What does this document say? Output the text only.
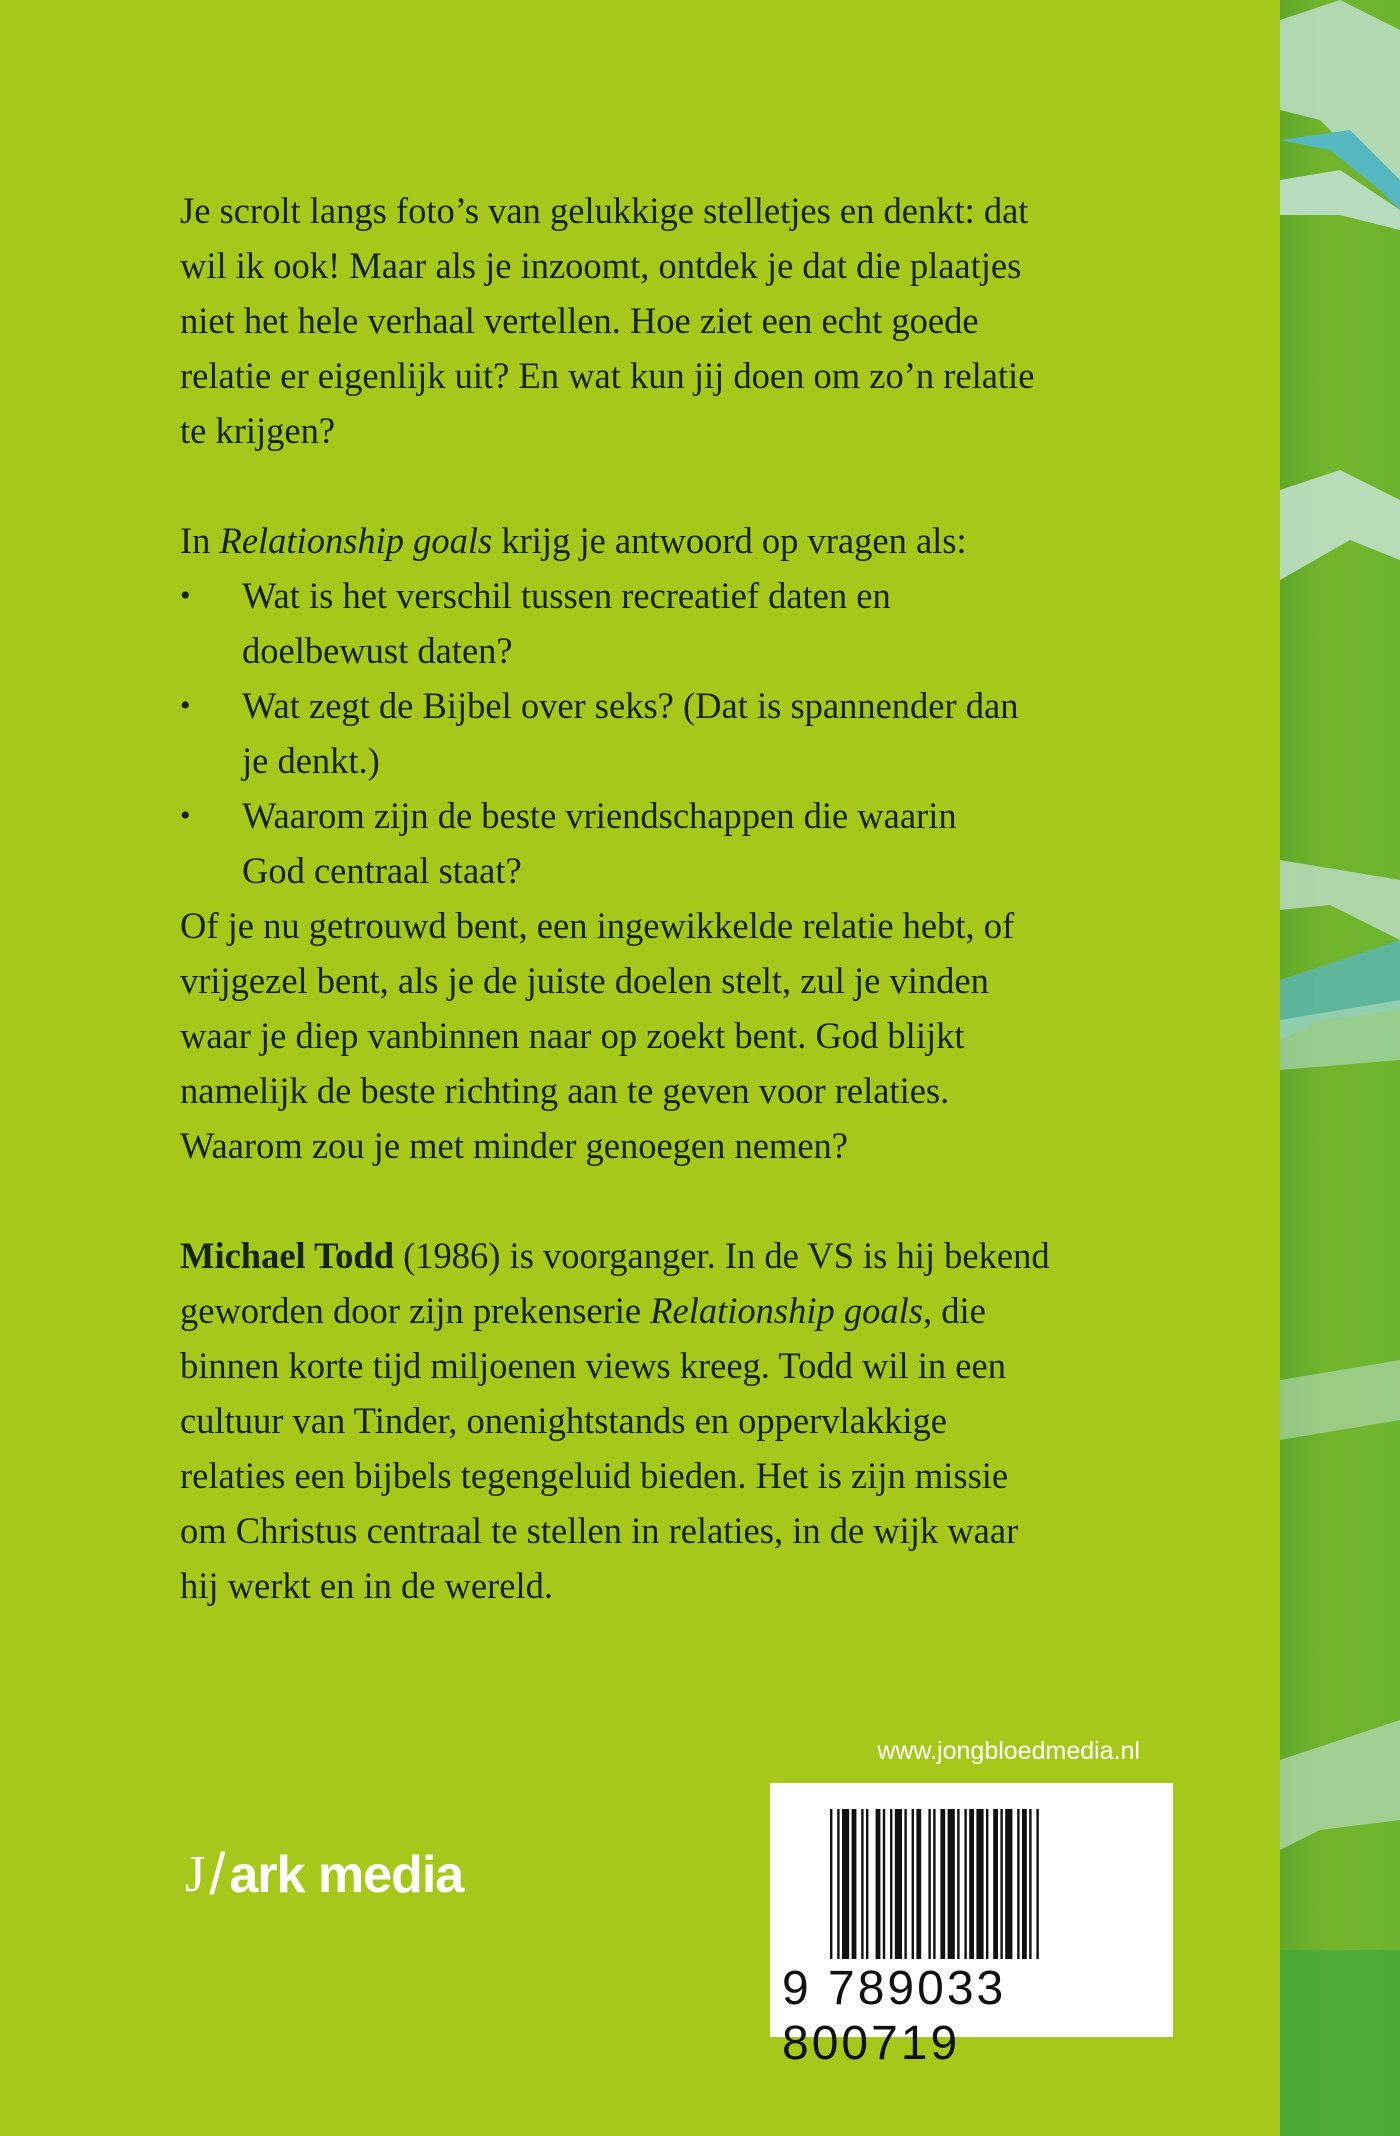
Je scrolt langs foto’s van gelukkige stelletjes en denkt: dat
wil ik ook! Maar als je inzoomt, ontdek je dat die plaatjes
niet het hele verhaal vertellen. Hoe ziet een echt goede
relatie er eigenlijk uit? En wat kun jij doen om zo’n relatie
te krijgen?
In Relationship goals krijg je antwoord op vragen als:
• Wat is het verschil tussen recreatief daten en
doelbewust daten?
• Wat zegt de Bijbel over seks? (Dat is spannender dan
je denkt.)
• Waarom zijn de beste vriendschappen die waarin
God centraal staat?
Of je nu getrouwd bent, een ingewikkelde relatie hebt, of
vrijgezel bent, als je de juiste doelen stelt, zul je vinden
waar je diep vanbinnen naar op zoekt bent. God blijkt
namelijk de beste richting aan te geven voor relaties.
Waarom zou je met minder genoegen nemen?
Michael Todd (1986) is voorganger. In de VS is hij bekend
geworden door zijn prekenserie Relationship goals, die
binnen korte tijd miljoenen views kreeg. Todd wil in een
cultuur van Tinder, onenightstands en oppervlakkige
relaties een bijbels tegengeluid bieden. Het is zijn missie
om Christus centraal te stellen in relaties, in de wijk waar
hij werkt en in de wereld.
www.jongbloedmedia.nl
9 789033 800719
J / ark media
